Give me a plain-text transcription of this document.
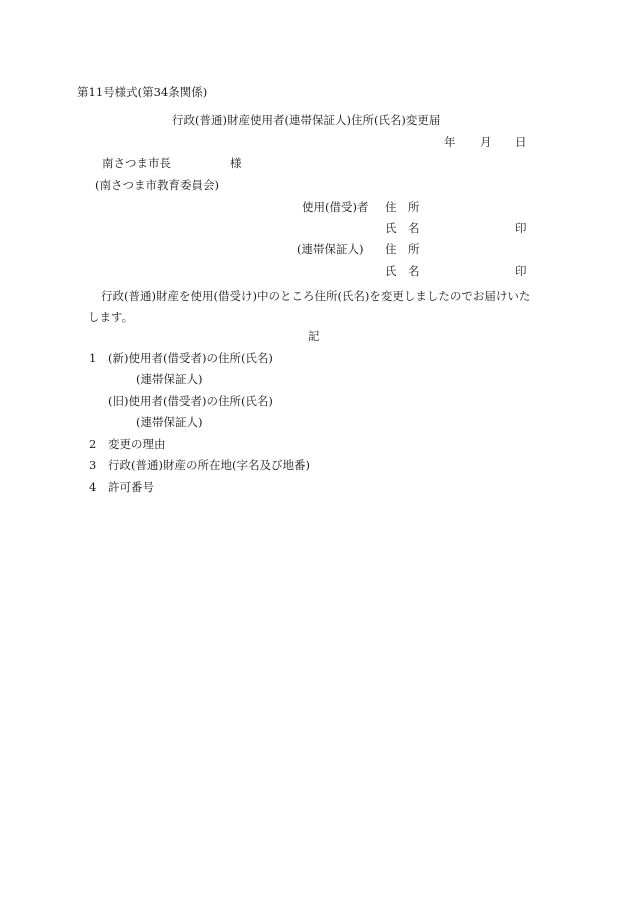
第11号様式(第34条関係)
行政(普通)財産使用者(連帯保証人)住所(氏名)変更届
年 月 日
南さつま市長	様
(南さつま市教育委員会)
使用(借受)者 住　所
氏　名	印
(連帯保証人) 住　所
氏　名	印
行政(普通)財産を使用(借受け)中のところ住所(氏名)を変更しましたのでお届けいた
します。
記
1 (新)使用者(借受者)の住所(氏名)
(連帯保証人)
(旧)使用者(借受者)の住所(氏名)
(連帯保証人)
2 変更の理由
3 行政(普通)財産の所在地(字名及び地番)
4 許可番号
